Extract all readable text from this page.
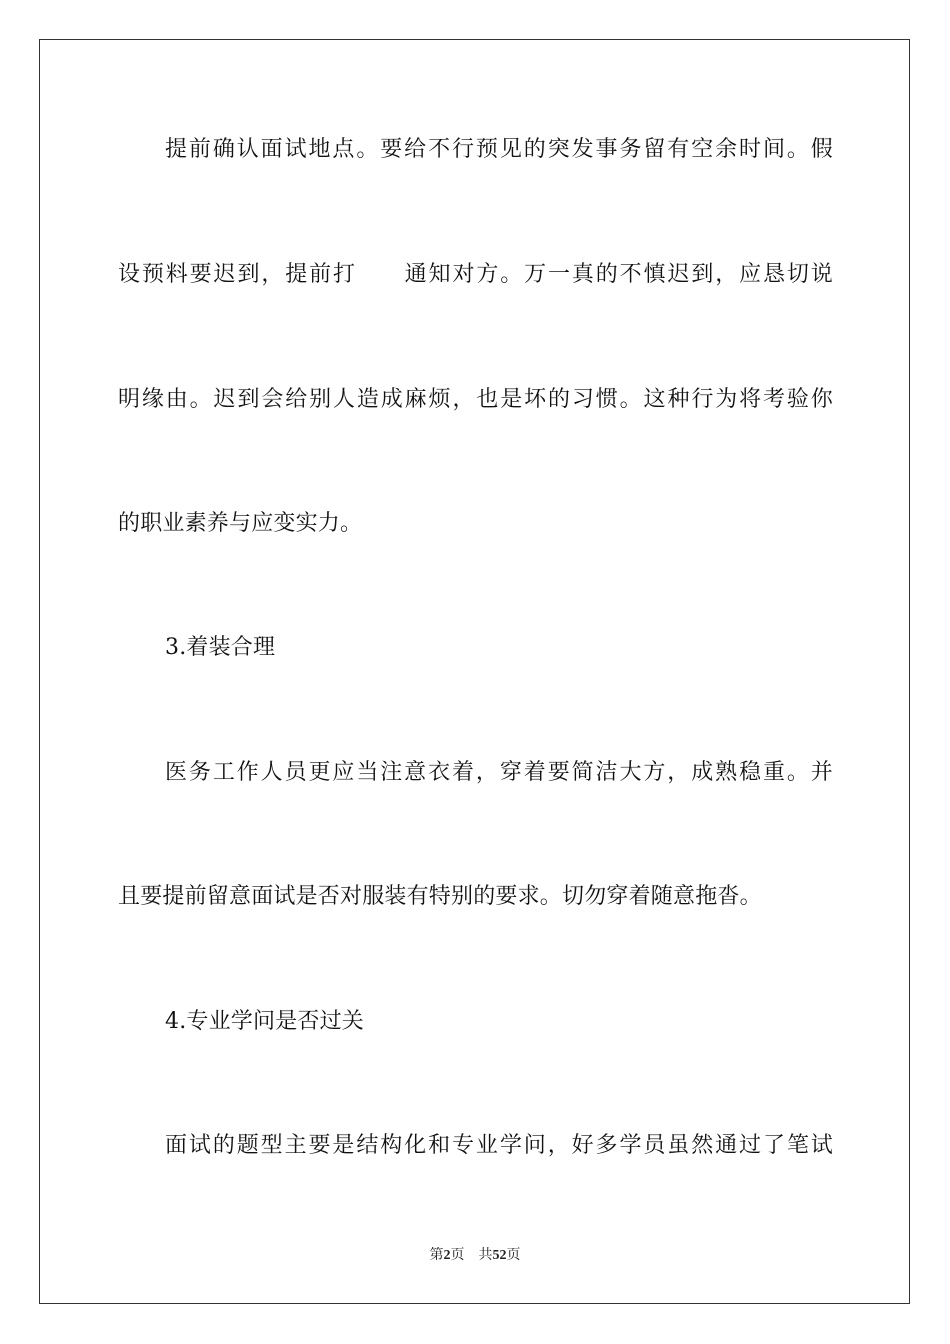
提前确认面试地点。要给不行预见的突发事务留有空余时间。假
设预料要迟到，提前打　　通知对方。万一真的不慎迟到，应恳切说
明缘由。迟到会给别人造成麻烦，也是坏的习惯。这种行为将考验你
的职业素养与应变实力。
3.着装合理
医务工作人员更应当注意衣着，穿着要简洁大方，成熟稳重。并
且要提前留意面试是否对服装有特别的要求。切勿穿着随意拖沓。
4.专业学问是否过关
面试的题型主要是结构化和专业学问，好多学员虽然通过了笔试
第2页 共52页
